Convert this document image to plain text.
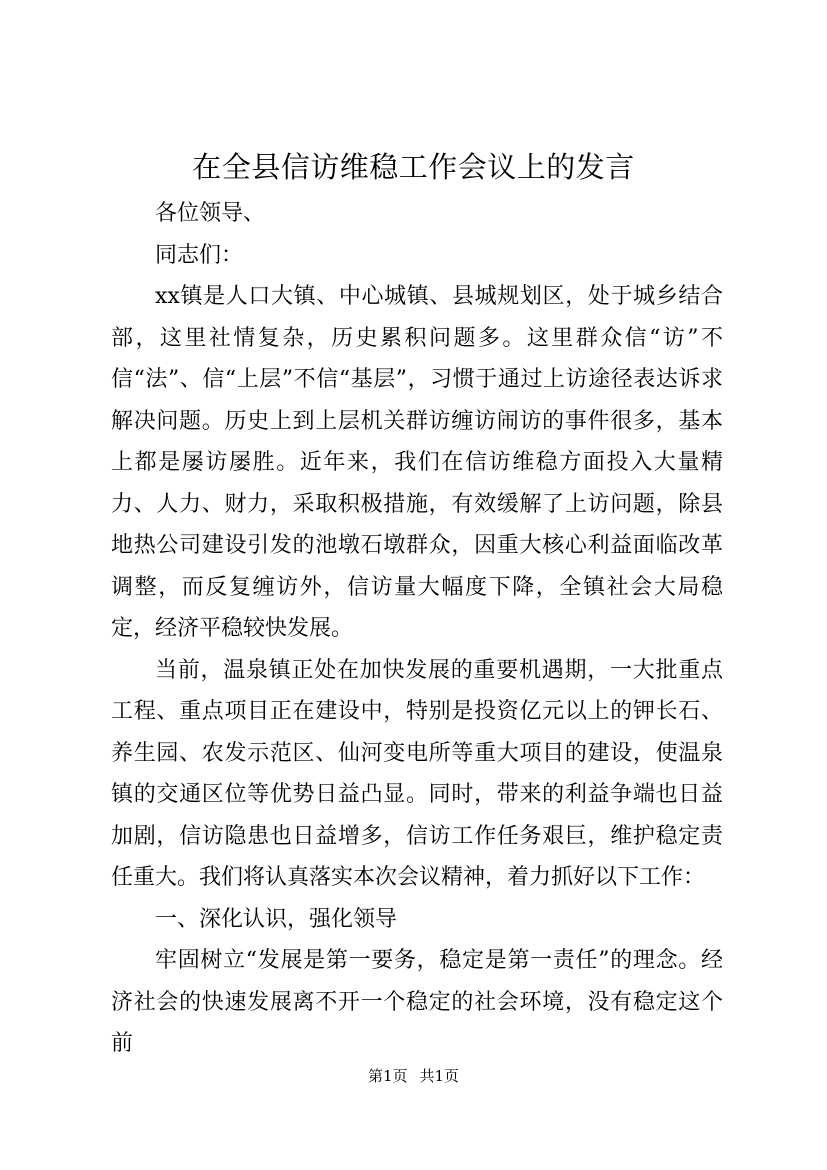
在全县信访维稳工作会议上的发言

各位领导、

同志们：

xx镇是人口大镇、中心城镇、县城规划区，处于城乡结合部，这里社情复杂，历史累积问题多。这里群众信“访”不信“法”、信“上层”不信“基层”，习惯于通过上访途径表达诉求解决问题。历史上到上层机关群访缠访闹访的事件很多，基本上都是屡访屡胜。近年来，我们在信访维稳方面投入大量精力、人力、财力，采取积极措施，有效缓解了上访问题，除县地热公司建设引发的池墩石墩群众，因重大核心利益面临改革调整，而反复缠访外，信访量大幅度下降，全镇社会大局稳定，经济平稳较快发展。

当前，温泉镇正处在加快发展的重要机遇期，一大批重点工程、重点项目正在建设中，特别是投资亿元以上的钾长石、养生园、农发示范区、仙河变电所等重大项目的建设，使温泉镇的交通区位等优势日益凸显。同时，带来的利益争端也日益加剧，信访隐患也日益增多，信访工作任务艰巨，维护稳定责任重大。我们将认真落实本次会议精神，着力抓好以下工作：

一、深化认识，强化领导

牢固树立“发展是第一要务，稳定是第一责任”的理念。经济社会的快速发展离不开一个稳定的社会环境，没有稳定这个前

第1页 共1页
